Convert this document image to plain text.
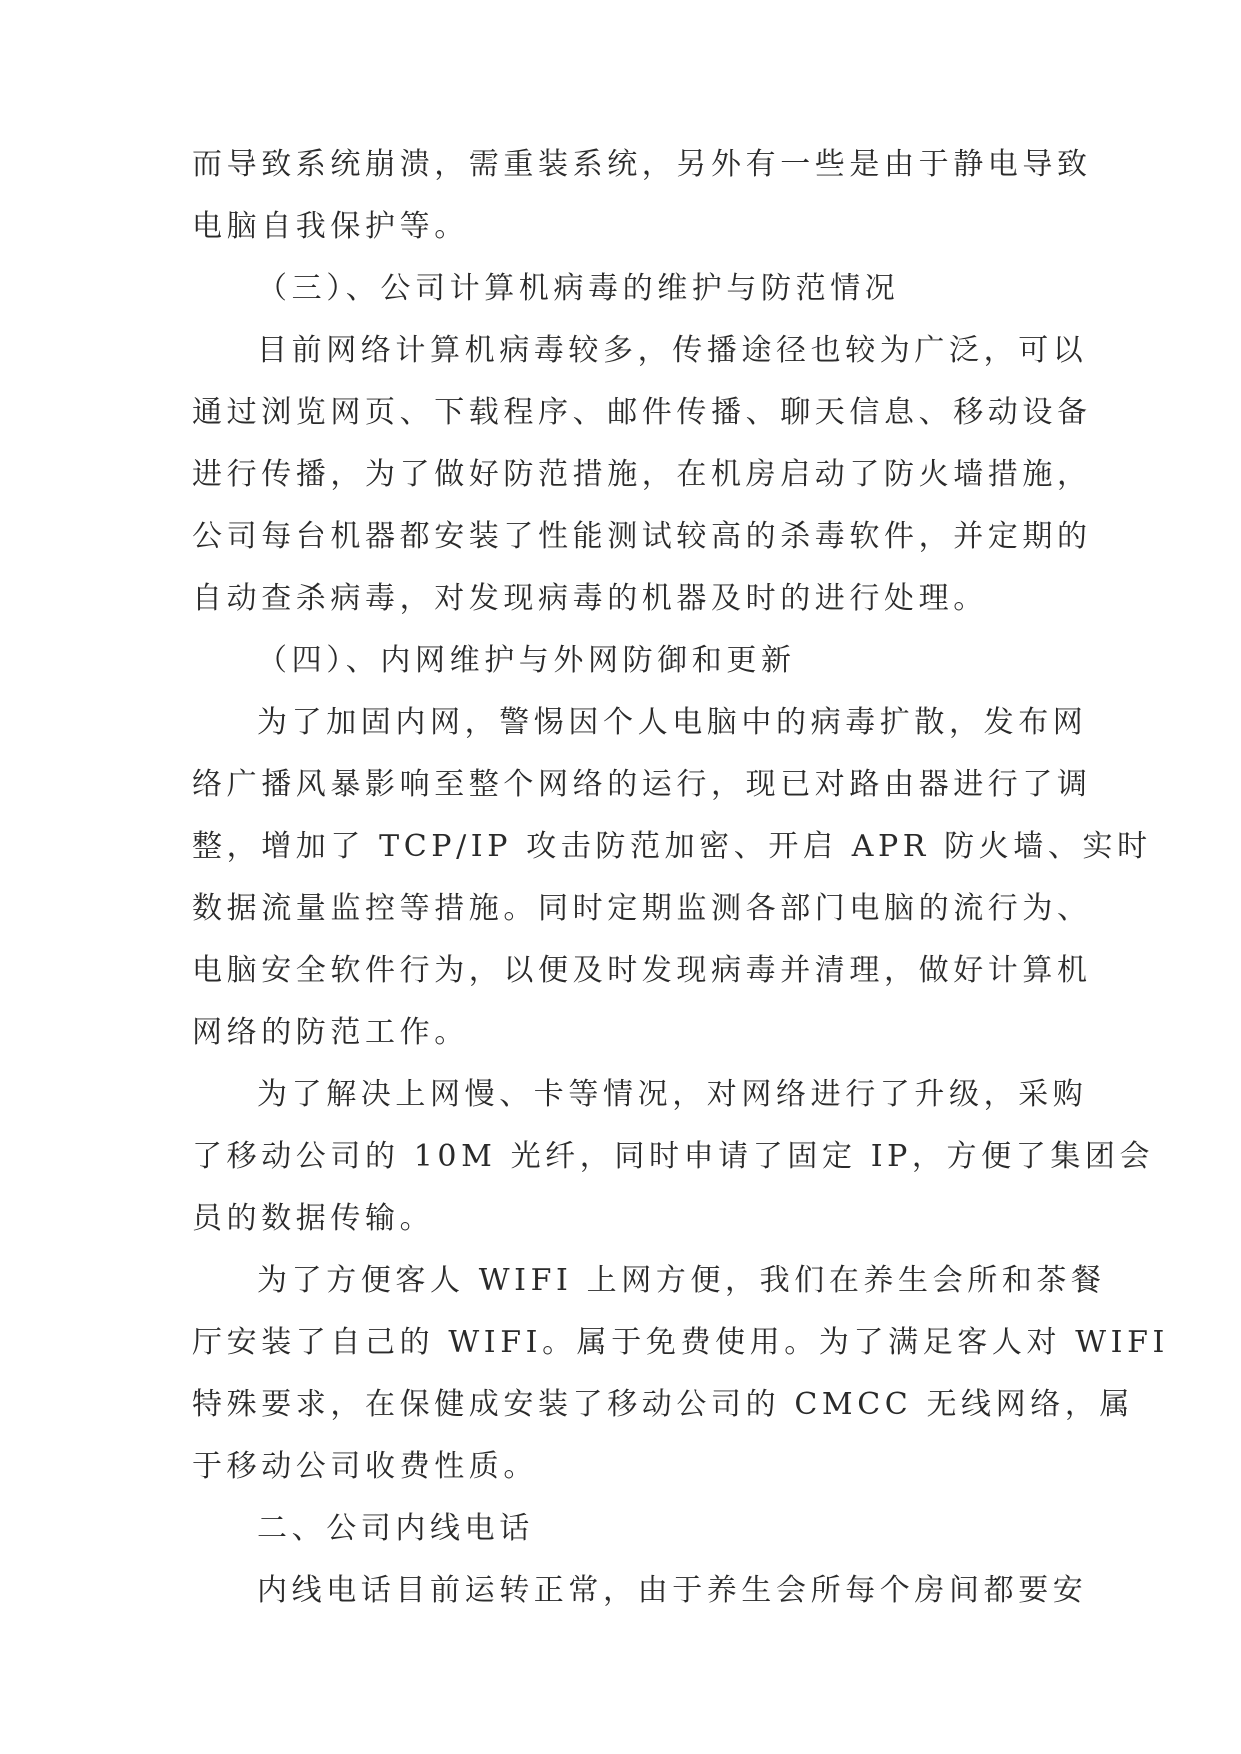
而导致系统崩溃，需重装系统，另外有一些是由于静电导致
电脑自我保护等。
（三）、公司计算机病毒的维护与防范情况
目前网络计算机病毒较多，传播途径也较为广泛，可以
通过浏览网页、下载程序、邮件传播、聊天信息、移动设备
进行传播，为了做好防范措施，在机房启动了防火墙措施，
公司每台机器都安装了性能测试较高的杀毒软件，并定期的
自动查杀病毒，对发现病毒的机器及时的进行处理。
（四）、内网维护与外网防御和更新
为了加固内网，警惕因个人电脑中的病毒扩散，发布网
络广播风暴影响至整个网络的运行，现已对路由器进行了调
整，增加了 TCP/IP 攻击防范加密、开启 APR 防火墙、实时
数据流量监控等措施。同时定期监测各部门电脑的流行为、
电脑安全软件行为，以便及时发现病毒并清理，做好计算机
网络的防范工作。
为了解决上网慢、卡等情况，对网络进行了升级，采购
了移动公司的 10M 光纤，同时申请了固定 IP，方便了集团会
员的数据传输。
为了方便客人 WIFI 上网方便，我们在养生会所和茶餐
厅安装了自己的 WIFI。属于免费使用。为了满足客人对 WIFI
特殊要求，在保健成安装了移动公司的 CMCC 无线网络，属
于移动公司收费性质。
二、公司内线电话
内线电话目前运转正常，由于养生会所每个房间都要安
